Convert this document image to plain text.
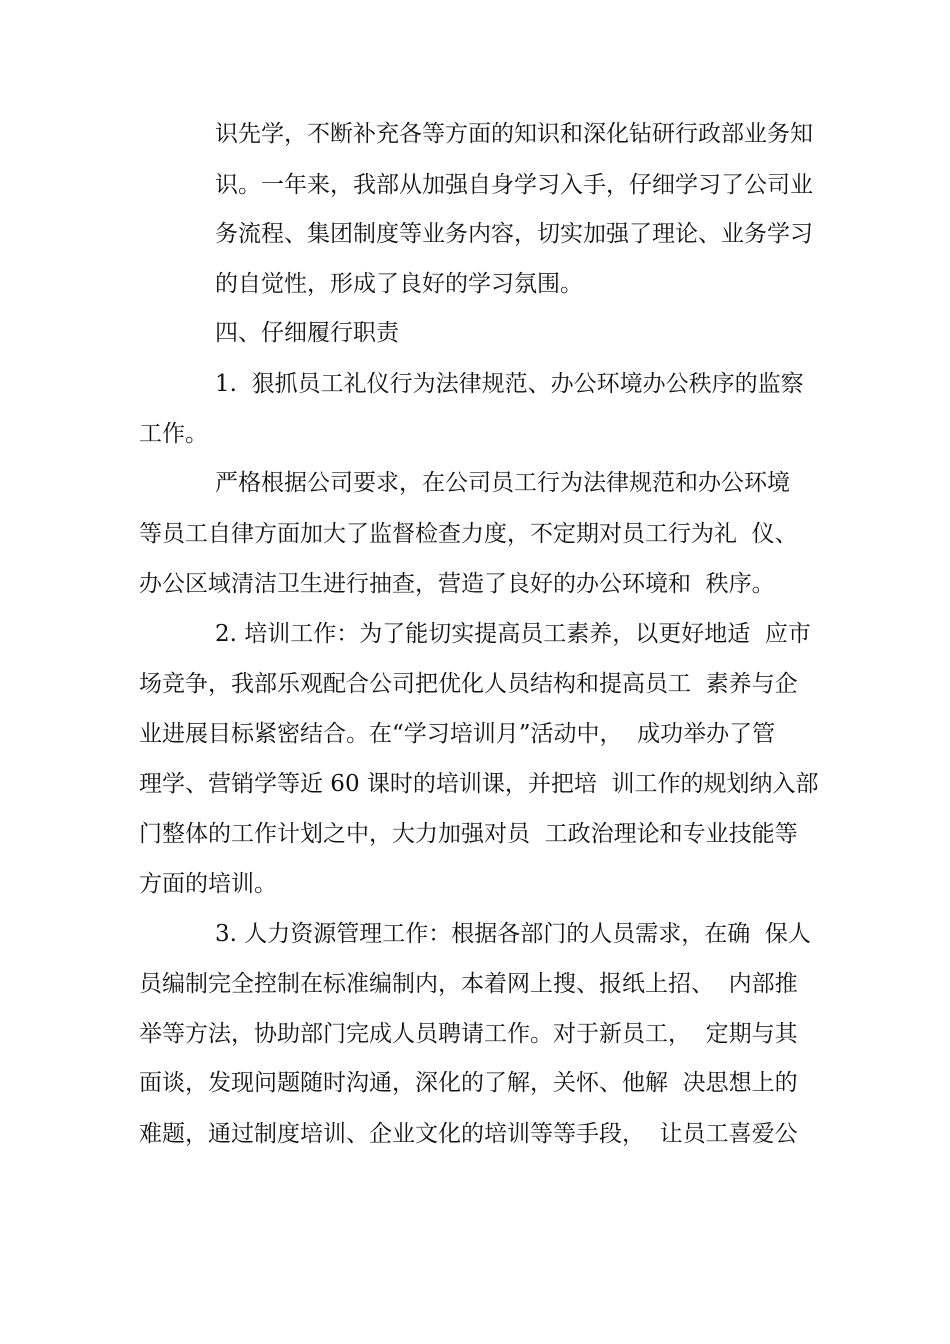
识先学，不断补充各等方面的知识和深化钻研行政部业务知
识。一年来，我部从加强自身学习入手，仔细学习了公司业
务流程、集团制度等业务内容，切实加强了理论、业务学习
的自觉性，形成了良好的学习氛围。
四、仔细履行职责
1.  狠抓员工礼仪行为法律规范、办公环境办公秩序的监察
工作。
严格根据公司要求，在公司员工行为法律规范和办公环境
等员工自律方面加大了监督检查力度，不定期对员工行为礼  仪、
办公区域清洁卫生进行抽查，营造了良好的办公环境和  秩序。
2. 培训工作：为了能切实提高员工素养，以更好地适  应市
场竞争，我部乐观配合公司把优化人员结构和提高员工  素养与企
业进展目标紧密结合。在“学习培训月”活动中，  成功举办了管
理学、营销学等近 60 课时的培训课，并把培  训工作的规划纳入部
门整体的工作计划之中，大力加强对员  工政治理论和专业技能等
方面的培训。
3. 人力资源管理工作：根据各部门的人员需求，在确  保人
员编制完全控制在标准编制内，本着网上搜、报纸上招、  内部推
举等方法，协助部门完成人员聘请工作。对于新员工，  定期与其
面谈，发现问题随时沟通，深化的了解，关怀、他解  决思想上的
难题，通过制度培训、企业文化的培训等等手段，  让员工喜爱公
